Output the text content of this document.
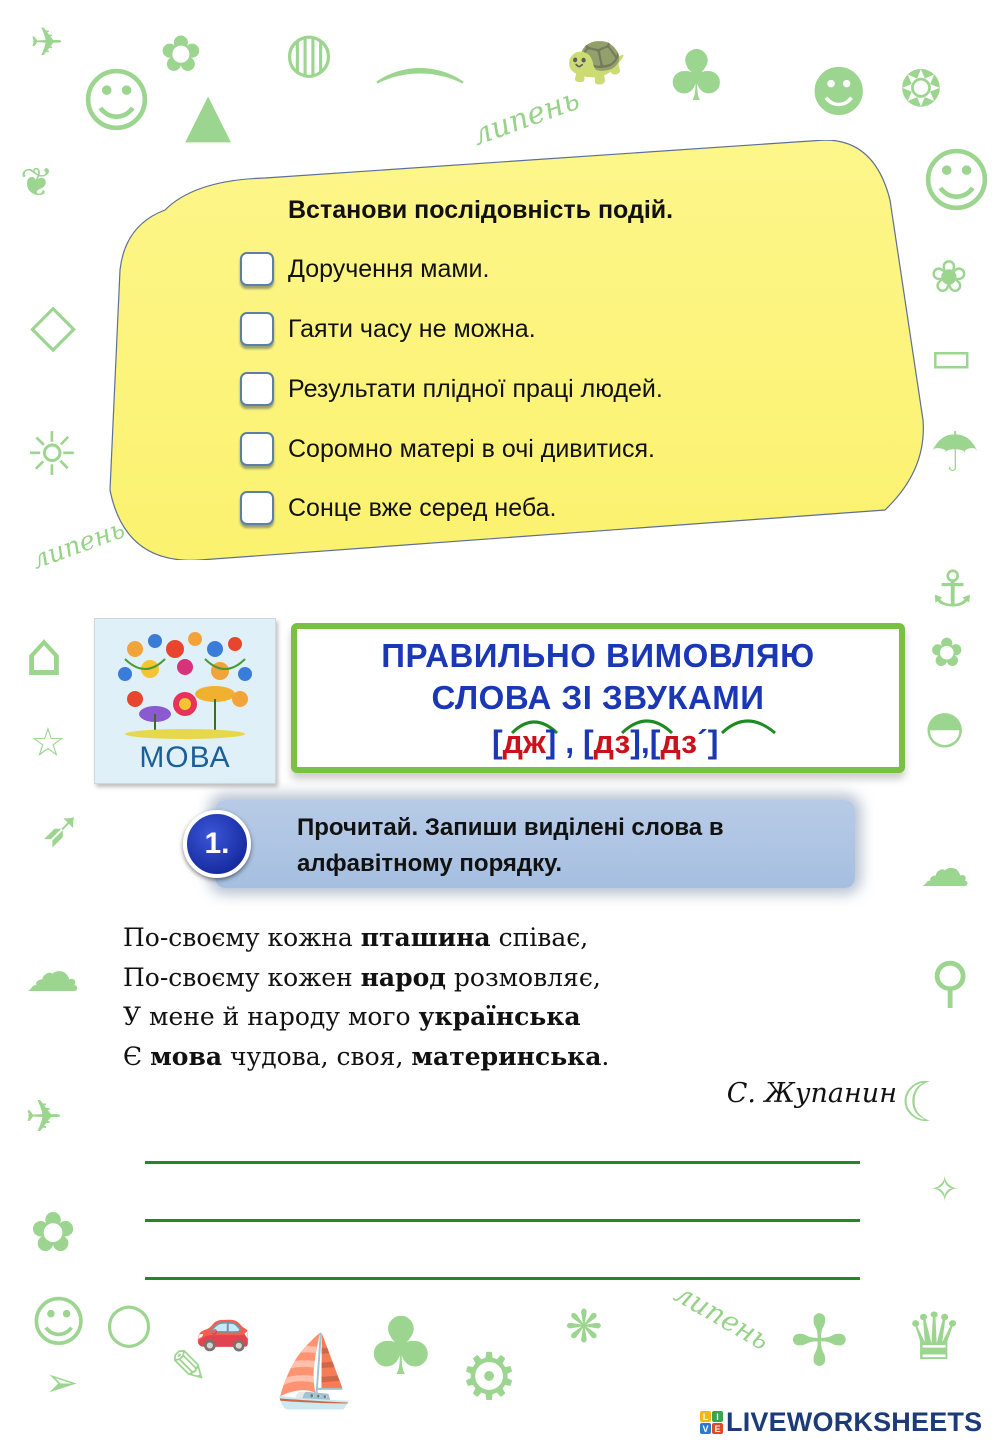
✈
☺
✿ ◍
▲ ⌒
🐢 ♣ ☻ ❂
липень
☺
❦
◇
☼
липень
❀
▭
☂
⚓
✿
◓
⌂
☆
➶
☁
☁	⚲
☾
✈
✧
✿
☺ ○
➢
🚗
✎ ⛵ ♣ ⚙
❋ липень ✢ ♛
Встанови послідовність подій.
Доручення мами.
Гаяти часу не можна.
Результати плідної праці людей.
Соромно матері в очі дивитися.
Сонце вже серед неба.
МОВА
ПРАВИЛЬНО ВИМОВЛЯЮ
СЛОВА ЗІ ЗВУКАМИ
[дж] , [дз],[дз´]
Прочитай. Запиши виділені слова в
алфавітному порядку.
1.
По-своєму кожна пташина співає,
По-своєму кожен народ розмовляє,
У мене й народу мого українська
Є мова чудова, своя, материнська.
С. Жупанин
L I
V E LIVEWORKSHEETS
